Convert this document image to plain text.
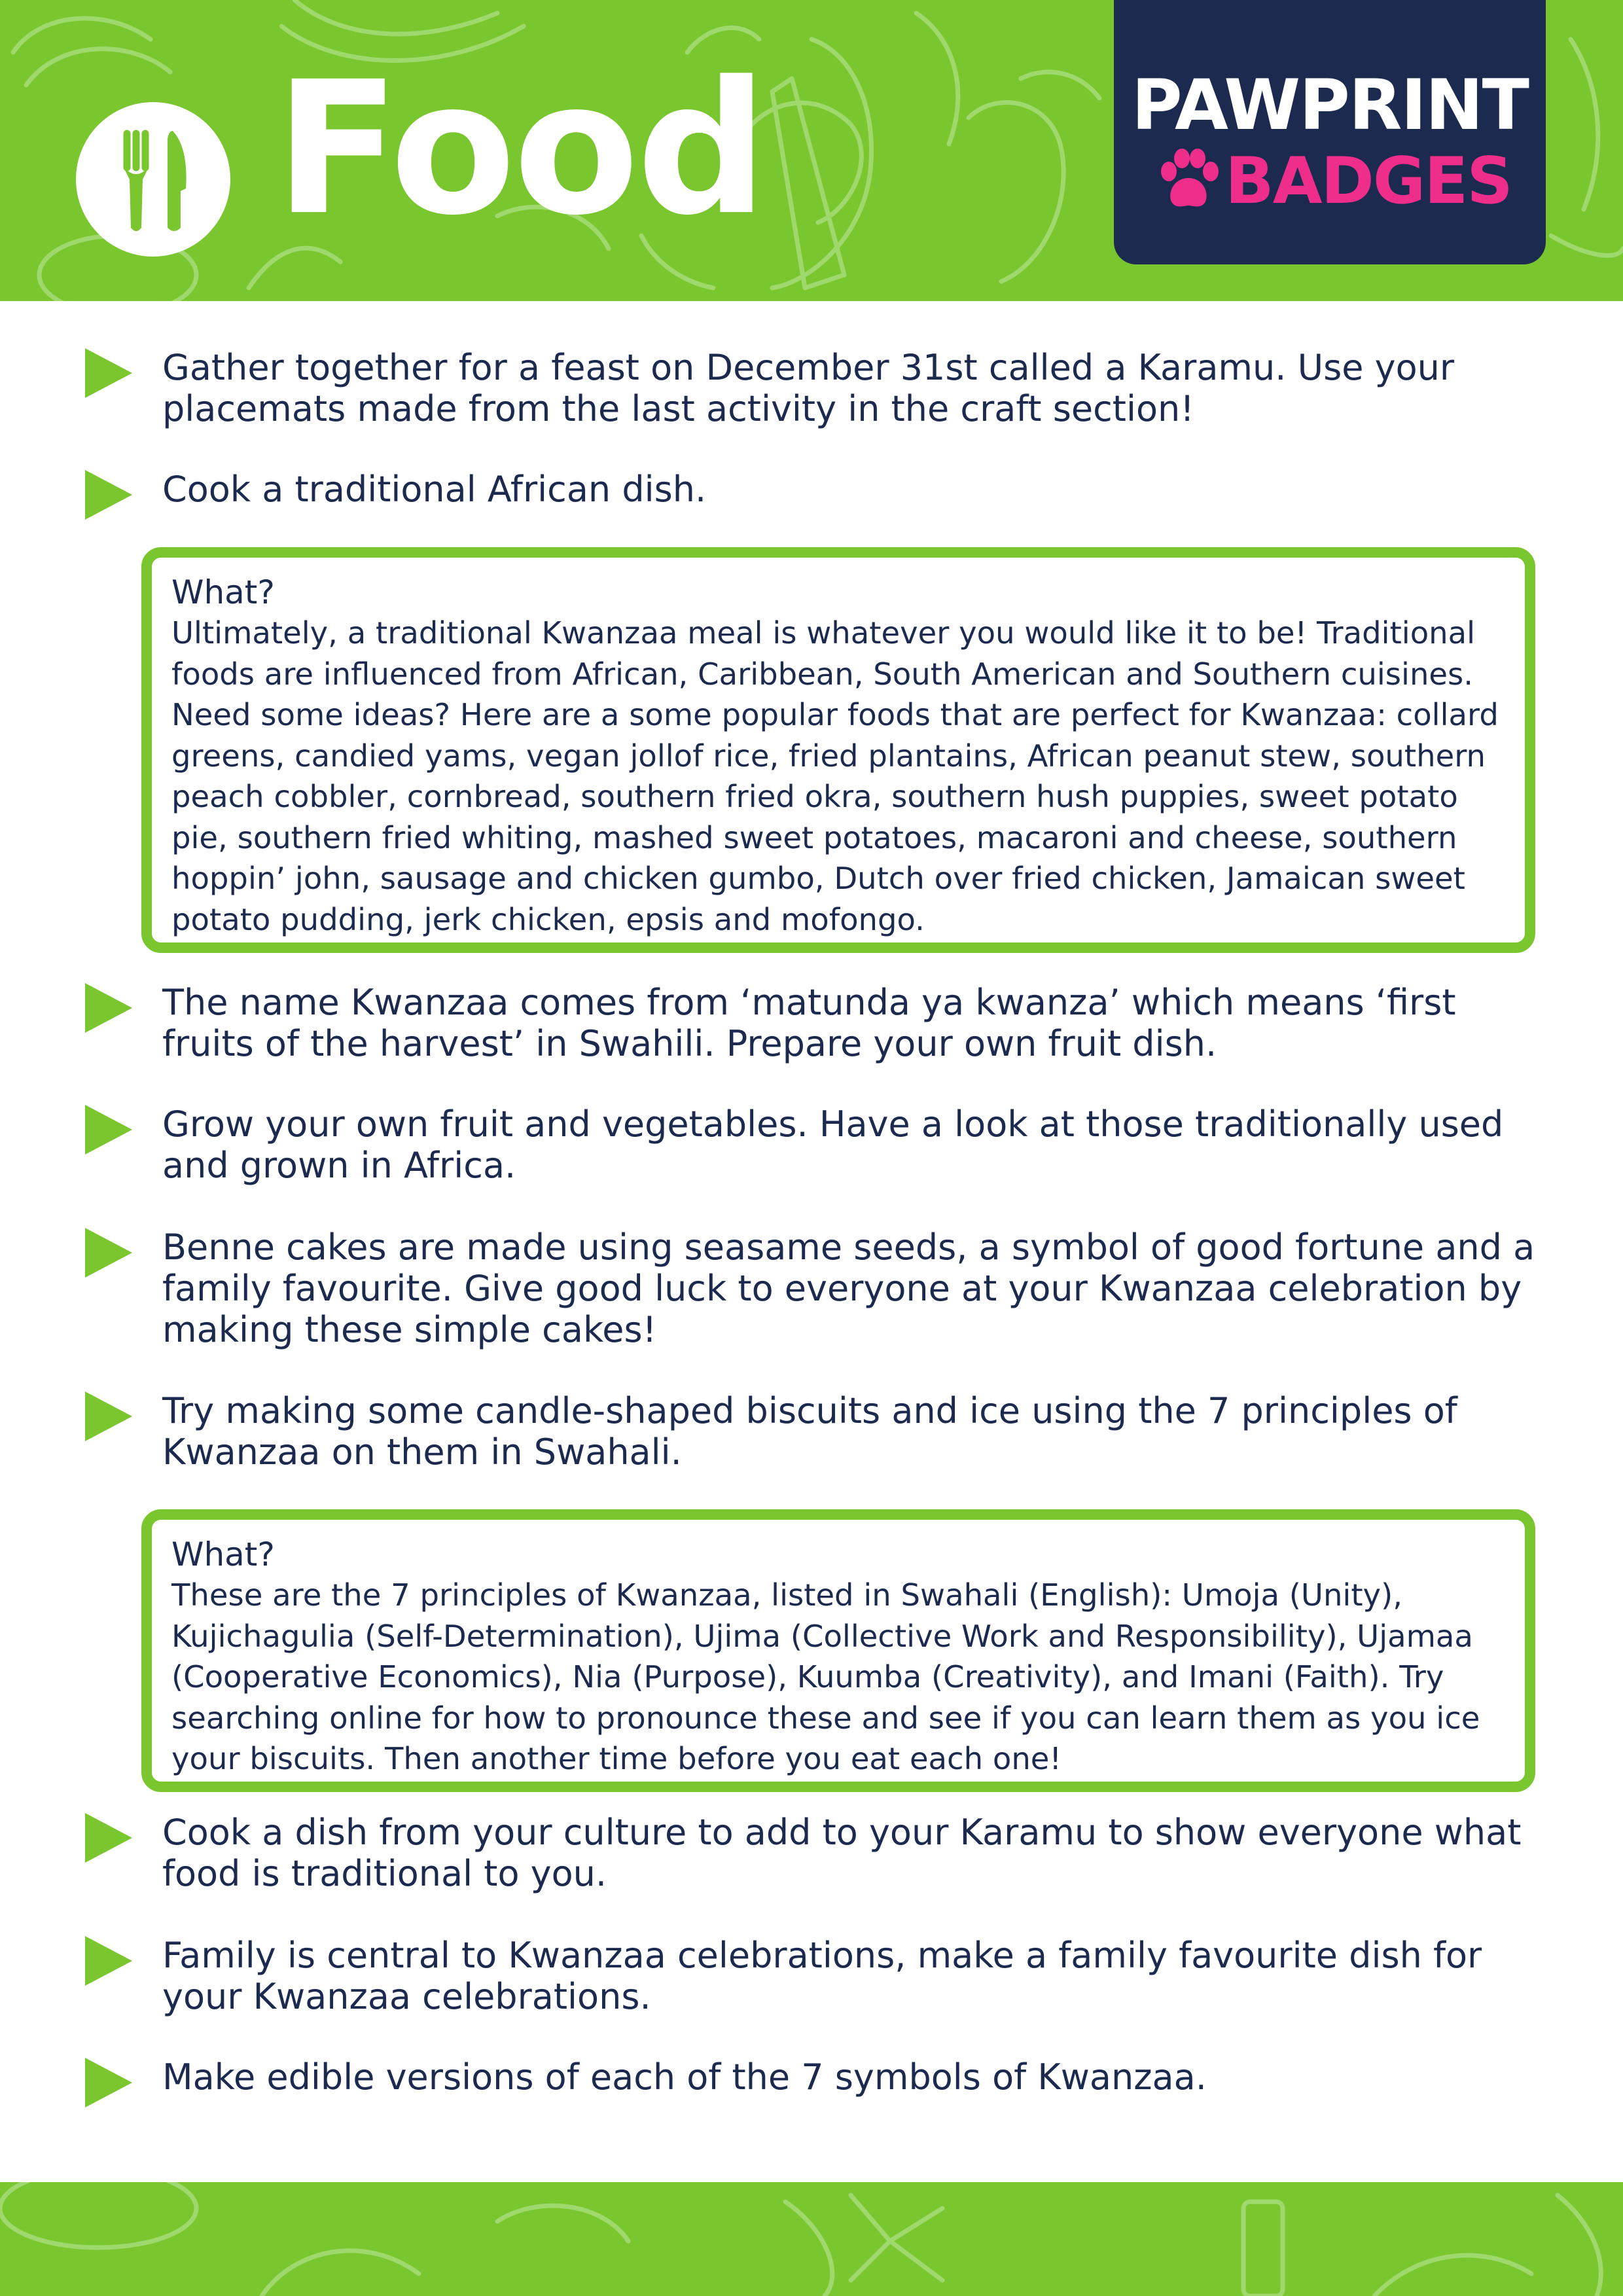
Food	PAWPRINT
BADGES

Gather together for a feast on December 31st called a Karamu. Use your placemats made from the last activity in the craft section!

Cook a traditional African dish.

What?

Ultimately, a traditional Kwanzaa meal is whatever you would like it to be! Traditional foods are influenced from African, Caribbean, South American and Southern cuisines. Need some ideas? Here are a some popular foods that are perfect for Kwanzaa: collard greens, candied yams, vegan jollof rice, fried plantains, African peanut stew, southern peach cobbler, cornbread, southern fried okra, southern hush puppies, sweet potato pie, southern fried whiting, mashed sweet potatoes, macaroni and cheese, southern hoppin’ john, sausage and chicken gumbo, Dutch over fried chicken, Jamaican sweet potato pudding, jerk chicken, epsis and mofongo.

The name Kwanzaa comes from ‘matunda ya kwanza’ which means ‘first fruits of the harvest’ in Swahili. Prepare your own fruit dish.

Grow your own fruit and vegetables. Have a look at those traditionally used and grown in Africa.

Benne cakes are made using seasame seeds, a symbol of good fortune and a family favourite. Give good luck to everyone at your Kwanzaa celebration by making these simple cakes!

Try making some candle-shaped biscuits and ice using the 7 principles of Kwanzaa on them in Swahali.

What?

These are the 7 principles of Kwanzaa, listed in Swahali (English): Umoja (Unity), Kujichagulia (Self-Determination), Ujima (Collective Work and Responsibility), Ujamaa (Cooperative Economics), Nia (Purpose), Kuumba (Creativity), and Imani (Faith). Try searching online for how to pronounce these and see if you can learn them as you ice your biscuits. Then another time before you eat each one!

Cook a dish from your culture to add to your Karamu to show everyone what food is traditional to you.

Family is central to Kwanzaa celebrations, make a family favourite dish for your Kwanzaa celebrations.

Make edible versions of each of the 7 symbols of Kwanzaa.
